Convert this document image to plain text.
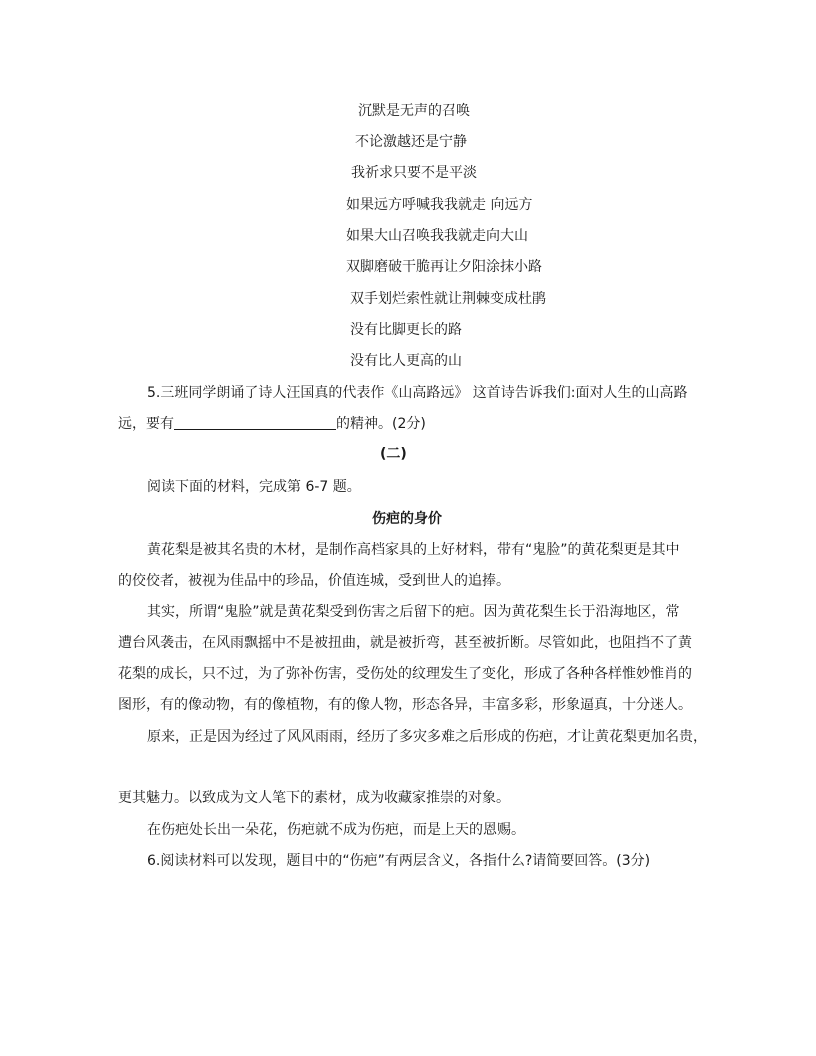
沉默是无声的召唤
不论激越还是宁静
我祈求只要不是平淡
如果远方呼喊我我就走 向远方
如果大山召唤我我就走向大山
双脚磨破干脆再让夕阳涂抹小路
双手划烂索性就让荆棘变成杜鹃
没有比脚更长的路
没有比人更高的山
5.三班同学朗诵了诗人汪国真的代表作《山高路远》 这首诗告诉我们:面对人生的山高路
远，要有	的精神。(2分)
(二)
阅读下面的材料，完成第 6-7 题。
伤疤的身价
黄花梨是被其名贵的木材，是制作高档家具的上好材料，带有“鬼脸”的黄花梨更是其中
的佼佼者，被视为佳品中的珍品，价值连城，受到世人的追捧。
其实，所谓“鬼脸”就是黄花梨受到伤害之后留下的疤。因为黄花梨生长于沿海地区，常
遭台风袭击，在风雨飘摇中不是被扭曲，就是被折弯，甚至被折断。尽管如此，也阻挡不了黄
花梨的成长，只不过，为了弥补伤害，受伤处的纹理发生了变化，形成了各种各样惟妙惟肖的
图形，有的像动物，有的像植物，有的像人物，形态各异，丰富多彩，形象逼真，十分迷人。
原来，正是因为经过了风风雨雨，经历了多灾多难之后形成的伤疤，才让黄花梨更加名贵，
更其魅力。以致成为文人笔下的素材，成为收藏家推崇的对象。
在伤疤处长出一朵花，伤疤就不成为伤疤，而是上天的恩赐。
6.阅读材料可以发现，题目中的“伤疤”有两层含义，各指什么?请简要回答。(3分)
